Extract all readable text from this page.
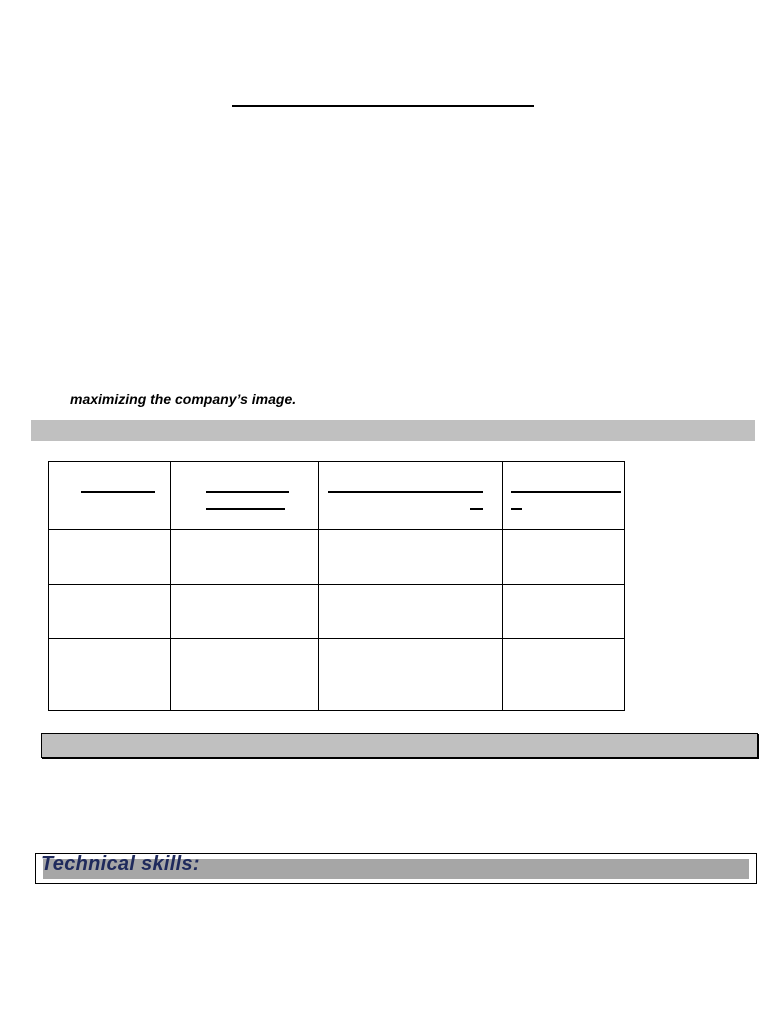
maximizing the company’s image.

Technical skills:
